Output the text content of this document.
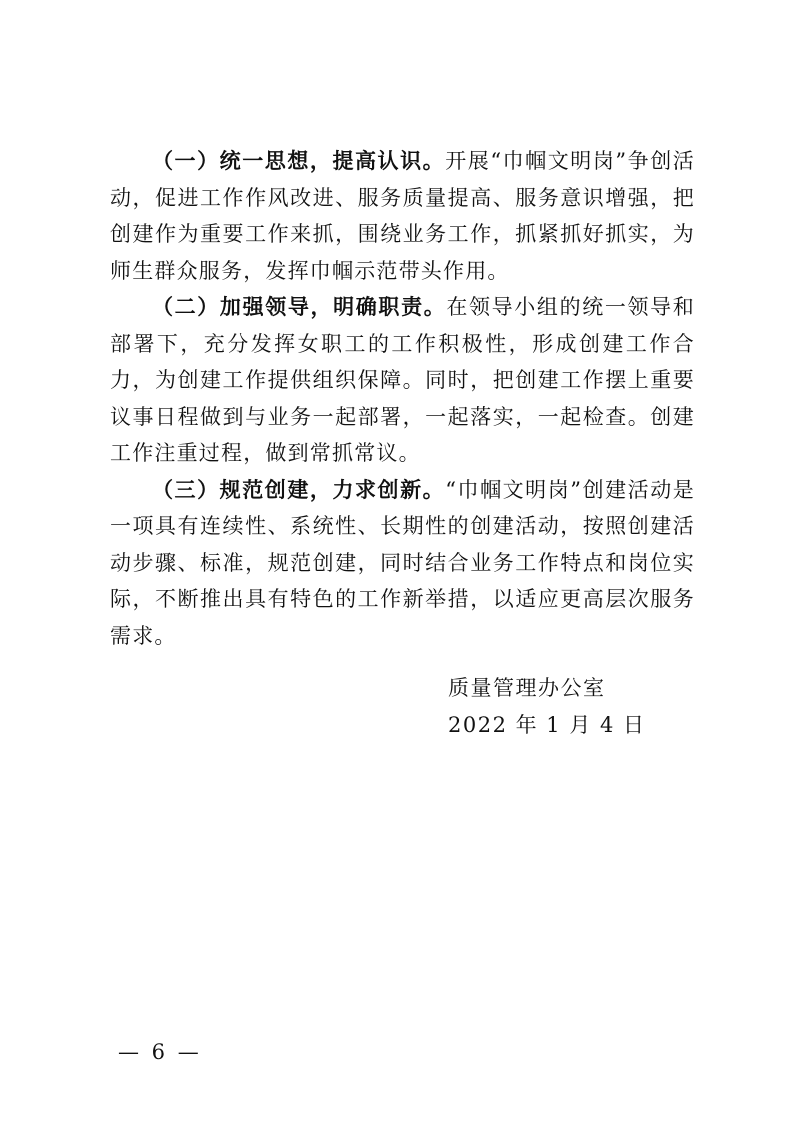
（一）统一思想，提高认识。开展“巾帼文明岗”争创活动，促进工作作风改进、服务质量提高、服务意识增强，把创建作为重要工作来抓，围绕业务工作，抓紧抓好抓实，为师生群众服务，发挥巾帼示范带头作用。

（二）加强领导，明确职责。在领导小组的统一领导和部署下，充分发挥女职工的工作积极性，形成创建工作合力，为创建工作提供组织保障。同时，把创建工作摆上重要议事日程做到与业务一起部署，一起落实，一起检查。创建工作注重过程，做到常抓常议。

（三）规范创建，力求创新。“巾帼文明岗”创建活动是一项具有连续性、系统性、长期性的创建活动，按照创建活动步骤、标准，规范创建，同时结合业务工作特点和岗位实际，不断推出具有特色的工作新举措，以适应更高层次服务需求。

质量管理办公室
2022 年 1 月 4 日
— 6 —
